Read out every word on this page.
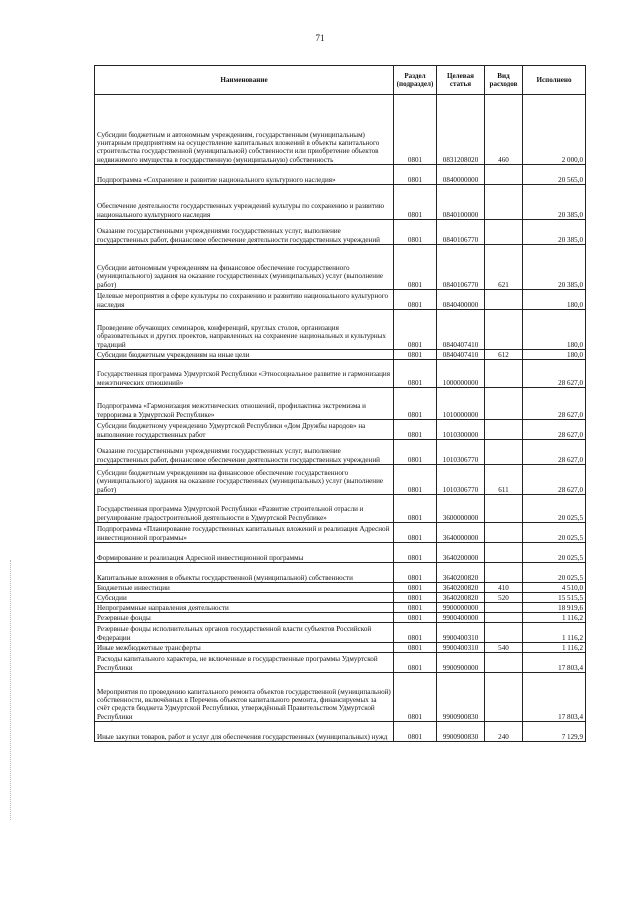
71
Наименование	Раздел (подраздел)	Целевая статья	Вид расходов	Исполнено
Субсидии бюджетным и автономным учреждениям, государственным (муниципальным) унитарным предприятиям на осуществление капитальных вложений в объекты капитального строительства государственной (муниципальной) собственности или приобретение объектов недвижимого имущества в государственную (муниципальную) собственность	0801	0831208020	460	2 000,0
Подпрограмма «Сохранение и развитие национального культурного наследия»	0801	0840000000		20 565,0
Обеспечение деятельности государственных учреждений культуры по сохранению и развитию национального культурного наследия	0801	0840100000		20 385,0
Оказание государственными учреждениями государственных услуг, выполнение государственных работ, финансовое обеспечение деятельности государственных учреждений	0801	0840106770		20 385,0
Субсидии автономным учреждениям на финансовое обеспечение государственного (муниципального) задания на оказание государственных (муниципальных) услуг (выполнение работ)	0801	0840106770	621	20 385,0
Целевые мероприятия в сфере культуры по сохранению и развитию национального культурного наследия	0801	0840400000		180,0
Проведение обучающих семинаров, конференций, круглых столов, организация образовательных и других проектов, направленных на сохранение национальных и культурных традиций	0801	0840407410		180,0
Субсидии бюджетным учреждениям на иные цели	0801	0840407410	612	180,0
Государственная программа Удмуртской Республики «Этносоциальное развитие и гармонизация межэтнических отношений»	0801	1000000000		28 627,0
Подпрограмма «Гармонизация межэтнических отношений, профилактика экстремизма и терроризма в Удмуртской Республике»	0801	1010000000		28 627,0
Субсидии бюджетному учреждению Удмуртской Республики «Дом Дружбы народов» на выполнение государственных работ	0801	1010300000		28 627,0
Оказание государственными учреждениями государственных услуг, выполнение государственных работ, финансовое обеспечение деятельности государственных учреждений	0801	1010306770		28 627,0
Субсидии бюджетным учреждениям на финансовое обеспечение государственного (муниципального) задания на оказание государственных (муниципальных) услуг (выполнение работ)	0801	1010306770	611	28 627,0
Государственная программа Удмуртской Республики «Развитие строительной отрасли и регулирование градостроительной деятельности в Удмуртской Республике»	0801	3600000000		20 025,5
Подпрограмма «Планирование государственных капитальных вложений и реализация Адресной инвестиционной программы»	0801	3640000000		20 025,5
Формирование и реализация Адресной инвестиционной программы	0801	3640200000		20 025,5
Капитальные вложения в объекты государственной (муниципальной) собственности	0801	3640200820		20 025,5
Бюджетные инвестиции	0801	3640200820	410	4 510,0
Субсидии	0801	3640200820	520	15 515,5
Непрограммные направления деятельности	0801	9900000000		18 919,6
Резервные фонды	0801	9900400000		1 116,2
Резервные фонды исполнительных органов государственной власти субъектов Российской Федерации	0801	9900400310		1 116,2
Иные межбюджетные трансферты	0801	9900400310	540	1 116,2
Расходы капитального характера, не включенные в государственные программы Удмуртской Республики	0801	9900900000		17 803,4
Мероприятия по проведению капитального ремонта объектов государственной (муниципальной) собственности, включённых в Перечень объектов капитального ремонта, финансируемых за счёт средств бюджета Удмуртской Республики, утверждённый Правительством Удмуртской Республики	0801	9900900830		17 803,4
Иные закупки товаров, работ и услуг для обеспечения государственных (муниципальных) нужд	0801	9900900830	240	7 129,9
